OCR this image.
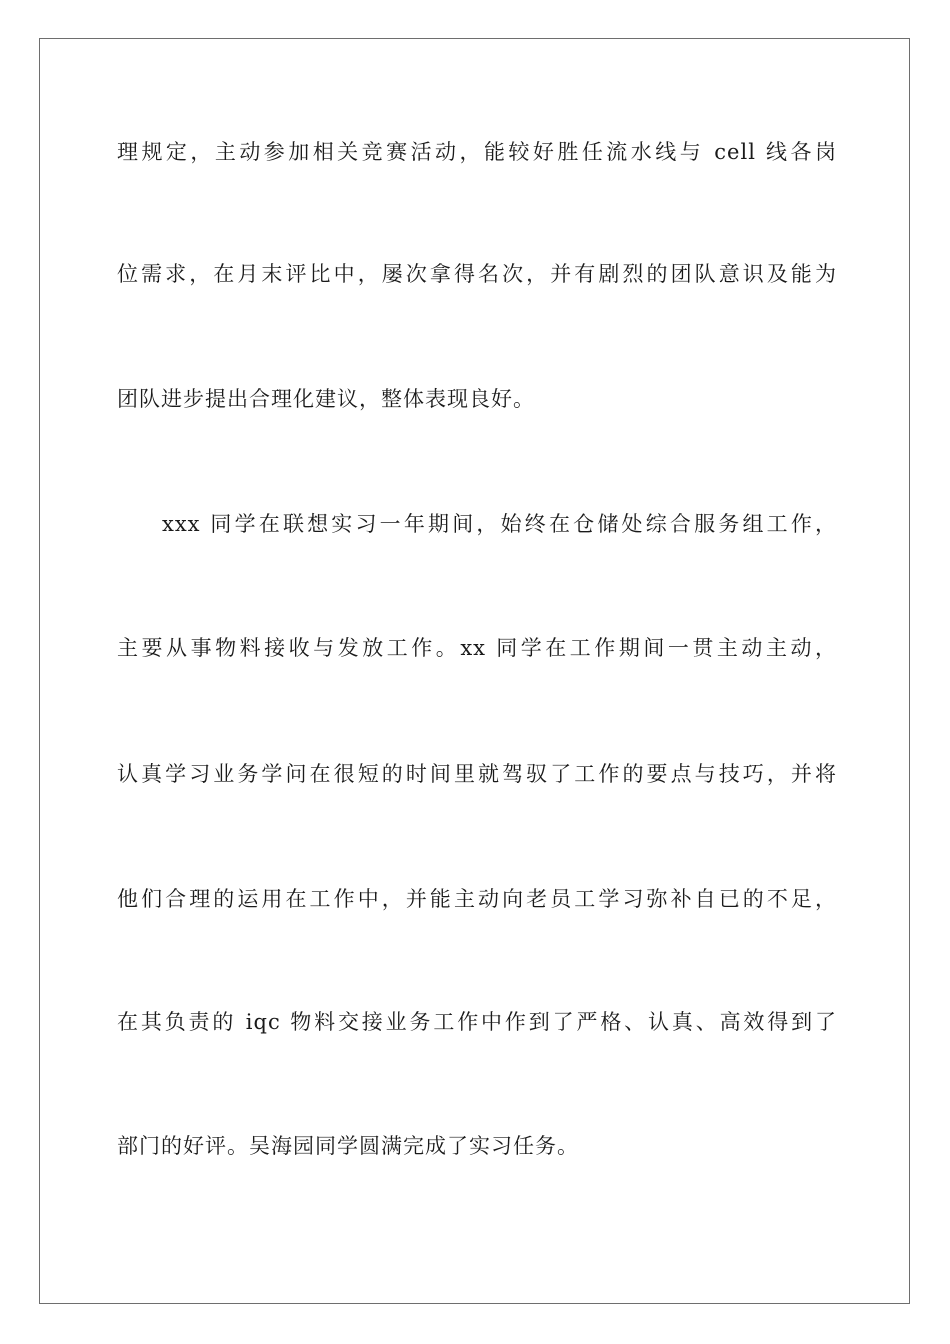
理规定，主动参加相关竞赛活动，能较好胜任流水线与 cell 线各岗
位需求，在月末评比中，屡次拿得名次，并有剧烈的团队意识及能为
团队进步提出合理化建议，整体表现良好。
xxx 同学在联想实习一年期间，始终在仓储处综合服务组工作，
主要从事物料接收与发放工作。xx 同学在工作期间一贯主动主动，
认真学习业务学问在很短的时间里就驾驭了工作的要点与技巧，并将
他们合理的运用在工作中，并能主动向老员工学习弥补自已的不足，
在其负责的 iqc 物料交接业务工作中作到了严格、认真、高效得到了
部门的好评。吴海园同学圆满完成了实习任务。
